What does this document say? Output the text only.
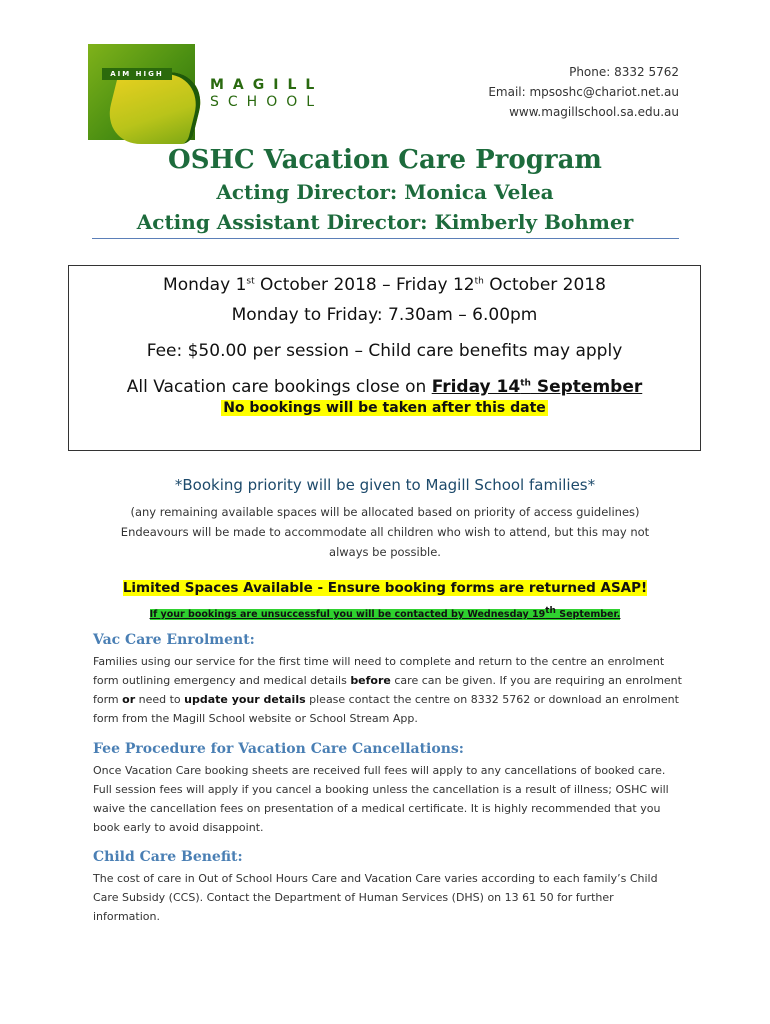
AIM HIGH
MAGILL
SCHOOL
Phone: 8332 5762
Email: mpsoshc@chariot.net.au
www.magillschool.sa.edu.au
OSHC Vacation Care Program
Acting Director: Monica Velea
Acting Assistant Director: Kimberly Bohmer
Monday 1st October 2018 – Friday 12th October 2018
Monday to Friday: 7.30am – 6.00pm
Fee: $50.00 per session – Child care benefits may apply
All Vacation care bookings close on Friday 14th September
No bookings will be taken after this date
*Booking priority will be given to Magill School families*
(any remaining available spaces will be allocated based on priority of access guidelines)
Endeavours will be made to accommodate all children who wish to attend, but this may not
always be possible.
Limited Spaces Available - Ensure booking forms are returned ASAP!
If your bookings are unsuccessful you will be contacted by Wednesday 19th September.
Vac Care Enrolment:
Families using our service for the first time will need to complete and return to the centre an enrolment form outlining emergency and medical details before care can be given. If you are requiring an enrolment form or need to update your details please contact the centre on 8332 5762 or download an enrolment form from the Magill School website or School Stream App.
Fee Procedure for Vacation Care Cancellations:
Once Vacation Care booking sheets are received full fees will apply to any cancellations of booked care. Full session fees will apply if you cancel a booking unless the cancellation is a result of illness; OSHC will waive the cancellation fees on presentation of a medical certificate. It is highly recommended that you book early to avoid disappoint.
Child Care Benefit:
The cost of care in Out of School Hours Care and Vacation Care varies according to each family’s Child Care Subsidy (CCS). Contact the Department of Human Services (DHS) on 13 61 50 for further information.
